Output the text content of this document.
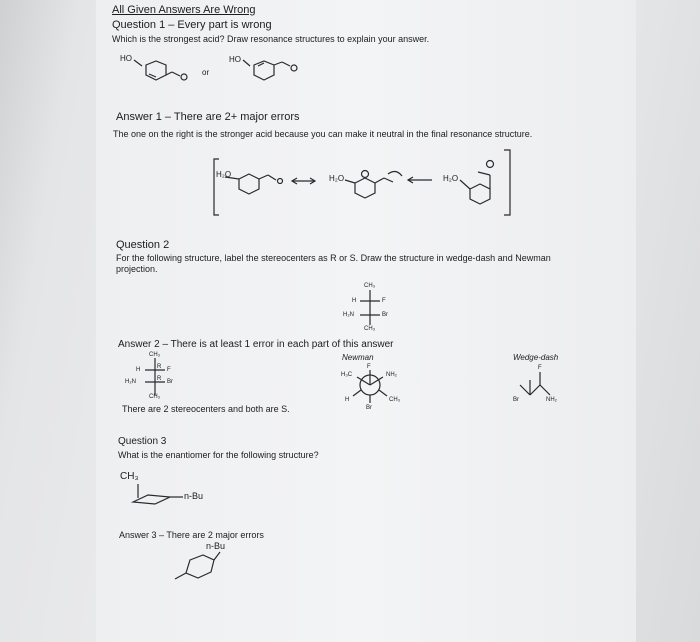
All Given Answers Are Wrong
Question 1 – Every part is wrong
Which is the strongest acid? Draw resonance structures to explain your answer.
HO	HO
or
Answer 1 – There are 2+ major errors
The one on the right is the stronger acid because you can make it neutral in the final resonance structure.
H₂O	H₂O	H₂O
Question 2
For the following structure, label the stereocenters as R or S. Draw the structure in wedge-dash and Newman
projection.
CH₃
H	F
H₂N	Br
CH₃
Answer 2 – There is at least 1 error in each part of this answer
CH₃
H	R F
H₂N	R Br
CH₃
There are 2 stereocenters and both are S.
Newman
F
H₃C	NH₂
H	CH₃
Br
Wedge-dash
F
Br	NH₂
Question 3
What is the enantiomer for the following structure?
CH₃
n-Bu
Answer 3 – There are 2 major errors
n-Bu
